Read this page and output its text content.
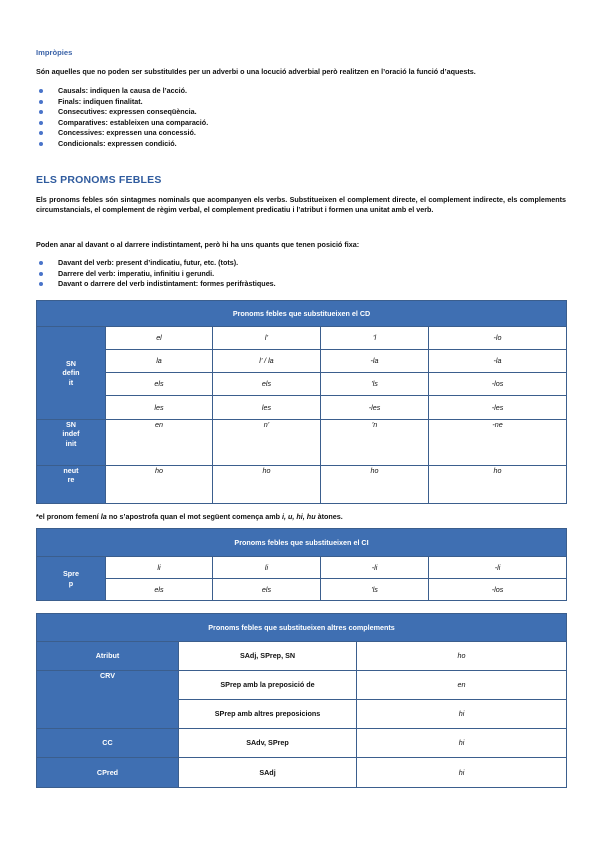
Impròpies
Són aquelles que no poden ser substituïdes per un adverbi o una locució adverbial però realitzen en l’oració la funció d’aquests.
Causals: indiquen la causa de l’acció.
Finals: indiquen finalitat.
Consecutives: expressen conseqüència.
Comparatives: estableixen una comparació.
Concessives: expressen una concessió.
Condicionals: expressen condició.
ELS PRONOMS FEBLES
Els pronoms febles són sintagmes nominals que acompanyen els verbs. Substitueixen el complement directe, el complement indirecte, els complements circumstancials, el complement de règim verbal, el complement predicatiu i l’atribut i formen una unitat amb el verb.
Poden anar al davant o al darrere indistintament, però hi ha uns quants que tenen posició fixa:
Davant del verb: present d’indicatiu, futur, etc. (tots).
Darrere del verb: imperatiu, infinitiu i gerundi.
Davant o darrere del verb indistintament: formes perifràstiques.
Pronoms febles que substitueixen el CD				
SN
defin
it	el	l’	’l	-lo
	la	l’ / la	-la	-la
	els	els	’ls	-los
	les	les	-les	-les
SN
indef
init	en	n’	’n	-ne
neut
re	ho	ho	ho	ho
*el pronom femení la no s’apostrofa quan el mot següent comença amb i, u, hi, hu àtones.
Pronoms febles que substitueixen el CI				
Spre
p	li	li	-li	-li
	els	els	’ls	-los
Pronoms febles que substitueixen altres complements		
Atribut	SAdj, SPrep, SN	ho
CRV	SPrep amb la preposició de	en
	SPrep amb altres preposicions	hi
CC	SAdv, SPrep	hi
CPred	SAdj	hi
